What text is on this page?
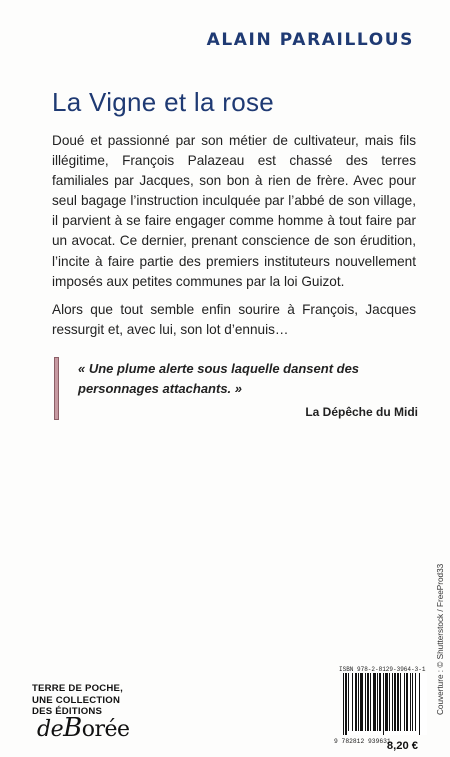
ALAIN PARAILLOUS
La Vigne et la rose

Doué et passionné par son métier de cultivateur, mais fils illégitime, François Palazeau est chassé des terres familiales par Jacques, son bon à rien de frère. Avec pour seul bagage l’instruction inculquée par l’abbé de son village, il parvient à se faire engager comme homme à tout faire par un avocat. Ce dernier, prenant conscience de son érudition, l’incite à faire partie des premiers instituteurs nouvellement imposés aux petites communes par la loi Guizot.

Alors que tout semble enfin sourire à François, Jacques ressurgit et, avec lui, son lot d’ennuis…

« Une plume alerte sous laquelle dansent des personnages attachants. »
La Dépêche du Midi
Couverture : © Shutterstock / FreeProd33
TERRE DE POCHE,
UNE COLLECTION
DES ÉDITIONS
deBorée
ISBN 978-2-8129-3964-3-1
9 782812 939631
8,20 €
